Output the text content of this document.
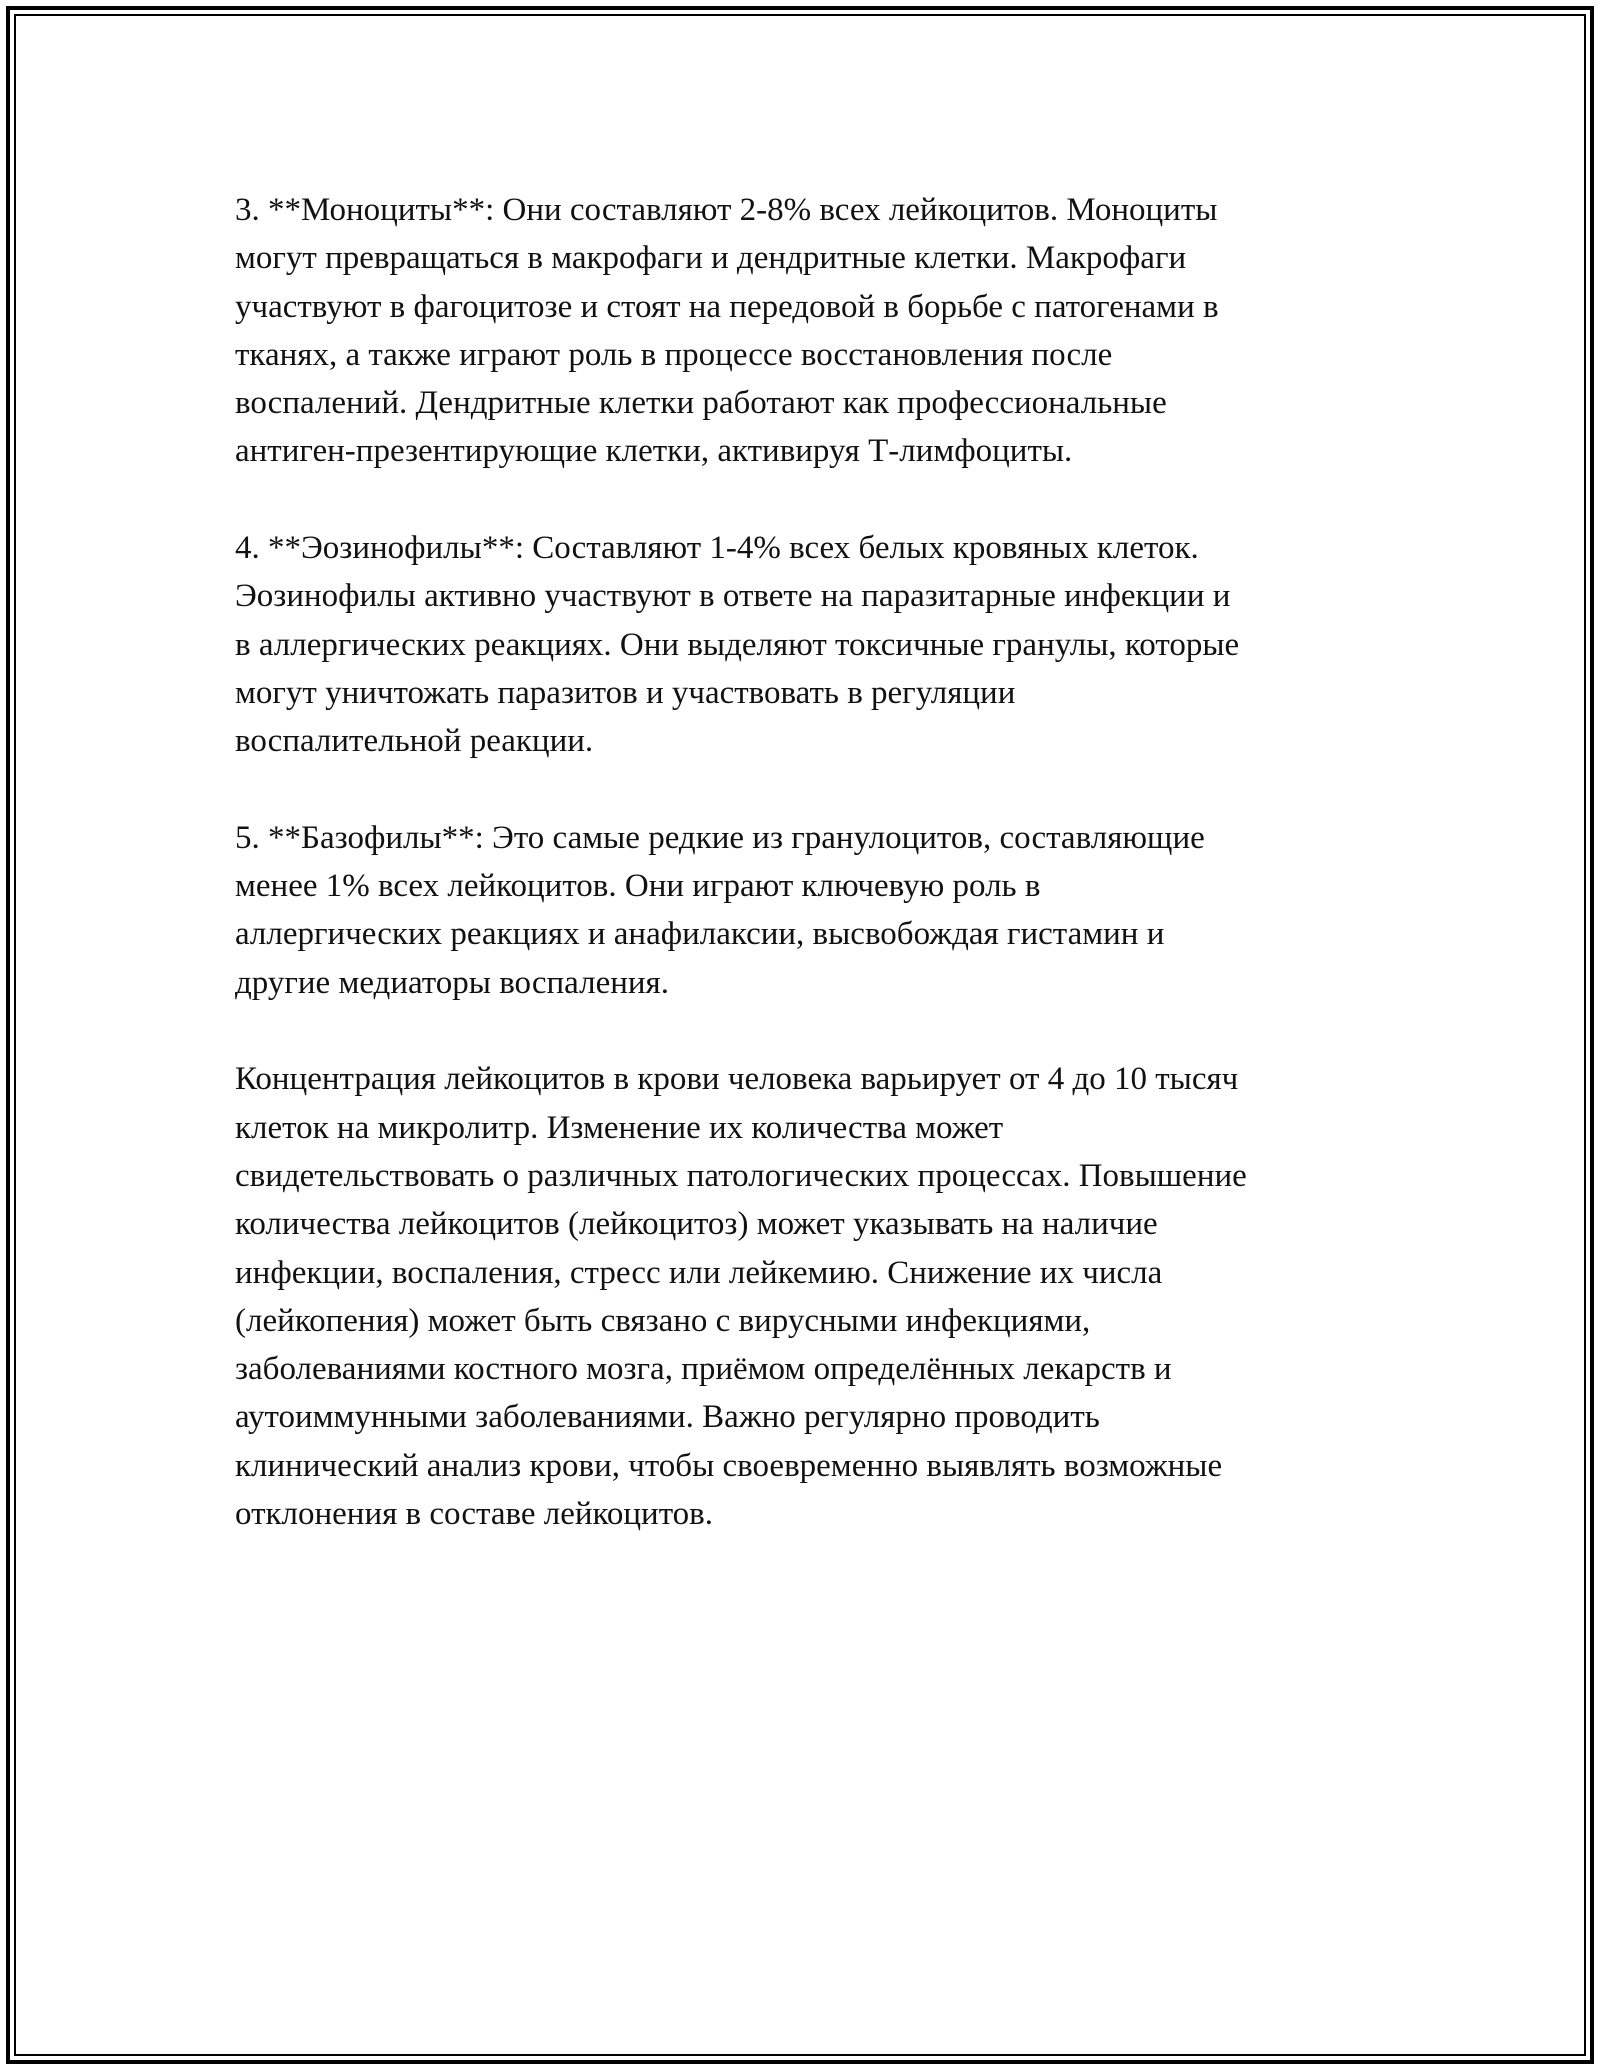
3. **Моноциты**: Они составляют 2-8% всех лейкоцитов. Моноциты
могут превращаться в макрофаги и дендритные клетки. Макрофаги
участвуют в фагоцитозе и стоят на передовой в борьбе с патогенами в
тканях, а также играют роль в процессе восстановления после
воспалений. Дендритные клетки работают как профессиональные
антиген-презентирующие клетки, активируя Т-лимфоциты.

4. **Эозинофилы**: Составляют 1-4% всех белых кровяных клеток.
Эозинофилы активно участвуют в ответе на паразитарные инфекции и
в аллергических реакциях. Они выделяют токсичные гранулы, которые
могут уничтожать паразитов и участвовать в регуляции
воспалительной реакции.

5. **Базофилы**: Это самые редкие из гранулоцитов, составляющие
менее 1% всех лейкоцитов. Они играют ключевую роль в
аллергических реакциях и анафилаксии, высвобождая гистамин и
другие медиаторы воспаления.

Концентрация лейкоцитов в крови человека варьирует от 4 до 10 тысяч
клеток на микролитр. Изменение их количества может
свидетельствовать о различных патологических процессах. Повышение
количества лейкоцитов (лейкоцитоз) может указывать на наличие
инфекции, воспаления, стресс или лейкемию. Снижение их числа
(лейкопения) может быть связано с вирусными инфекциями,
заболеваниями костного мозга, приёмом определённых лекарств и
аутоиммунными заболеваниями. Важно регулярно проводить
клинический анализ крови, чтобы своевременно выявлять возможные
отклонения в составе лейкоцитов.
